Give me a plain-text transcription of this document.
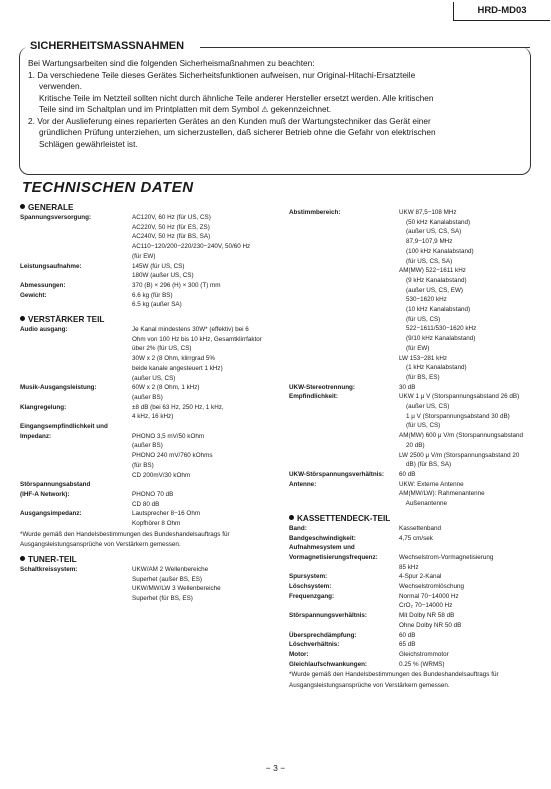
HRD-MD03
SICHERHEITSMASSNAHMEN

Bei Wartungsarbeiten sind die folgenden Sicherheismaßnahmen zu beachten:

1. Da verschiedene Teile dieses Gerätes Sicherheitsfunktionen aufweisen, nur Original-Hitachi-Ersatzteile

verwenden.

Kritische Teile im Netzteil sollten nicht durch ähnliche Teile anderer Hersteller ersetzt werden. Alle kritischen

Teile sind im Schaltplan und im Printplatten mit dem Symbol ⚠ gekennzeichnet.

2. Vor der Auslieferung eines reparierten Gerätes an den Kunden muß der Wartungstechniker das Gerät einer

gründlichen Prüfung unterziehen, um sicherzustellen, daß sicherer Betrieb ohne die Gefahr von elektrischen

Schlägen gewährleistet ist.

TECHNISCHEN DATEN
GENERALE
Spannungsversorgung:	AC120V, 60 Hz (für US, CS)
AC220V, 50 Hz (für ES, ZS)
AC240V, 50 Hz (für BS, SA)
AC110−120/200−220/230−240V, 50/60 Hz
(für EW)
Leistungsaufnahme:	145W (für US, CS)
180W (außer US, CS)
Abmessungen:	370 (B) × 296 (H) × 300 (T) mm
Gewicht:	6.6 kg (für BS)
6.5 kg (außer SA)
VERSTÄRKER TEIL
Audio ausgang:	Je Kanal mindestens 30W* (effektiv) bei 6
Ohm von 100 Hz bis 10 kHz, Gesamtklirrfaktor
über 2% (für US, CS)
30W x 2 (8 Ohm, klirrgrad 5%
beide kanale angesteuert 1 kHz)
(außer US, CS)
Musik-Ausgangsleistung:	60W x 2 (8 Ohm, 1 kHz)
(außer BS)
Klangregelung:	±8 dB (bei 63 Hz, 250 Hz, 1 kHz,
4 kHz, 16 kHz)
Eingangsempfindlichkeit und
Impedanz:	PHONO 3,5 mV/50 kOhm
(außer BS)
PHONO 240 mV/760 kOhms
(für BS)
CD 200mV/30 kOhm
Störspannungsabstand
(IHF-A Network):	PHONO 70 dB
CD 80 dB
Ausgangsimpedanz:	Lautsprecher 8−16 Ohm
Kopfhörer 8 Ohm
*Wurde gemäß den Handelsbestimmungen des Bundeshandelsauftrags für
Ausgangsleistungsansprüche von Verstärkern gemessen.
TUNER-TEIL
Schaltkreissystem:	UKW/AM 2 Wellenbereiche
Superhet (außer BS, ES)
UKW/MW/LW 3 Wellenbereiche
Superhet (für BS, ES)
Abstimmbereich:	UKW 87,5−108 MHz
(50 kHz Kanalabstand)
(außer US, CS, SA)
87,9−107,9 MHz
(100 kHz Kanalabstand)
(für US, CS, SA)
AM(MW) 522−1611 kHz
(9 kHz Kanalabstand)
(außer US, CS, EW)
530−1620 kHz
(10 kHz Kanalabstand)
(für US, CS)
522−1611/530−1620 kHz
(9/10 kHz Kanalabstand)
(für EW)
LW 153−281 kHz
(1 kHz Kanalabstand)
(für BS, ES)
UKW-Stereotrennung:	30 dB
Empfindlichkeit:	UKW 1 μ V (Storspannungsabstand 26 dB)
(außer US, CS)
1 μ V (Storspannungsabstand 30 dB)
(für US, CS)
AM(MW) 600 μ V/m (Storspannungsabstand
20 dB)
LW 2500 μ V/m (Storspannungsabstand 20
dB) (für BS, SA)
UKW-Störspannungsverhältnis:	60 dB
Antenne:	UKW: Externe Antenne
AM(MW/LW): Rahmenantenne
Außenantenne
KASSETTENDECK-TEIL
Band:	Kassettenband
Bandgeschwindigkeit:	4,75 cm/sek
Aufnahmesystem und
Vormagnetisierungsfrequenz:	Wechselstrom-Vormagnetisierung
85 kHz
Spursystem:	4-Spur 2-Kanal
Löschsystem:	Wechselstromlöschung
Frequenzgang:	Normal 70−14000 Hz
CrO₂ 70−14000 Hz
Störspannungsverhältnis:	Mit Dolby NR 58 dB
Ohne Dolby NR 50 dB
Übersprechdämpfung:	60 dB
Löschverhältnis:	65 dB
Motor:	Gleichstrommotor
Gleichlaufschwankungen:	0.25 % (WRMS)
*Wurde gemäß den Handelsbestimmungen des Bundeshandelsauftrags für
Ausgangsleistungsansprüche von Verstärkern gemessen.
− 3 −
